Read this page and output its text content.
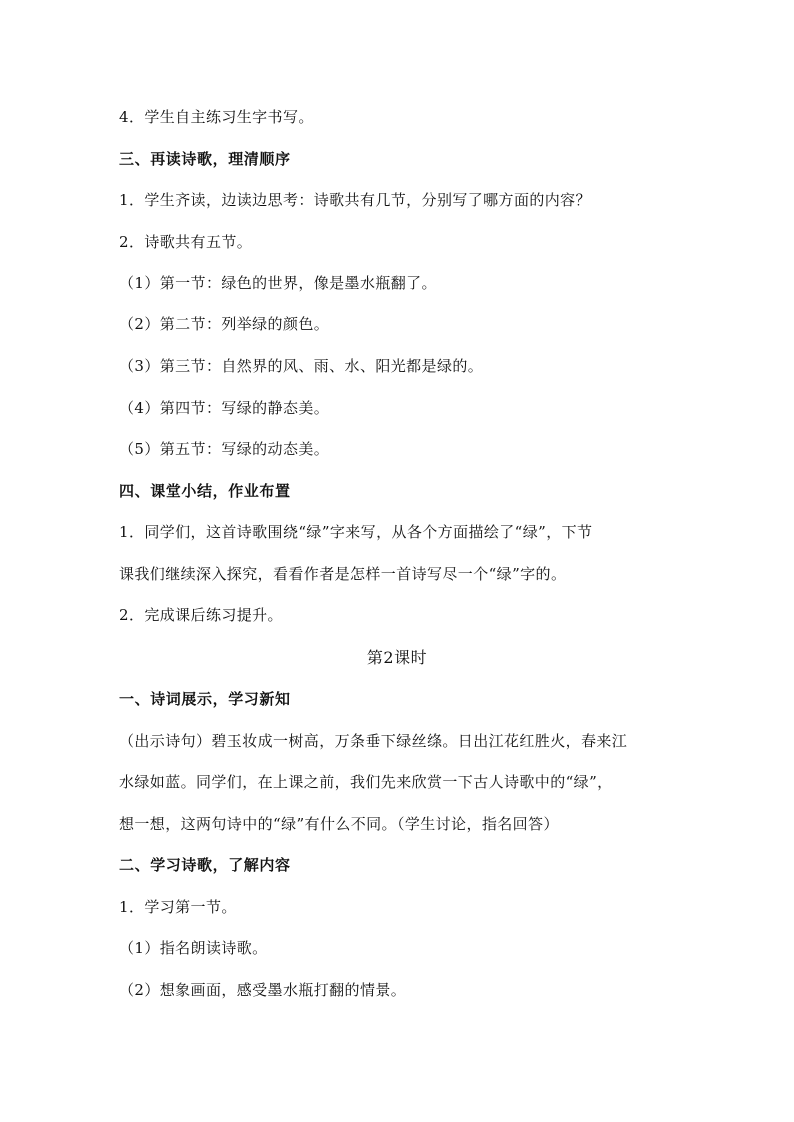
4．学生自主练习生字书写。
三、再读诗歌，理清顺序
1．学生齐读，边读边思考：诗歌共有几节，分别写了哪方面的内容？
2．诗歌共有五节。
（1）第一节：绿色的世界，像是墨水瓶翻了。
（2）第二节：列举绿的颜色。
（3）第三节：自然界的风、雨、水、阳光都是绿的。
（4）第四节：写绿的静态美。
（5）第五节：写绿的动态美。
四、课堂小结，作业布置
1．同学们，这首诗歌围绕“绿”字来写，从各个方面描绘了“绿”，下节
课我们继续深入探究，看看作者是怎样一首诗写尽一个“绿”字的。
2．完成课后练习提升。
第2课时
一、诗词展示，学习新知
（出示诗句）碧玉妆成一树高，万条垂下绿丝绦。日出江花红胜火，春来江
水绿如蓝。同学们，在上课之前，我们先来欣赏一下古人诗歌中的“绿”，
想一想，这两句诗中的“绿”有什么不同。（学生讨论，指名回答）
二、学习诗歌，了解内容
1．学习第一节。
（1）指名朗读诗歌。
（2）想象画面，感受墨水瓶打翻的情景。
